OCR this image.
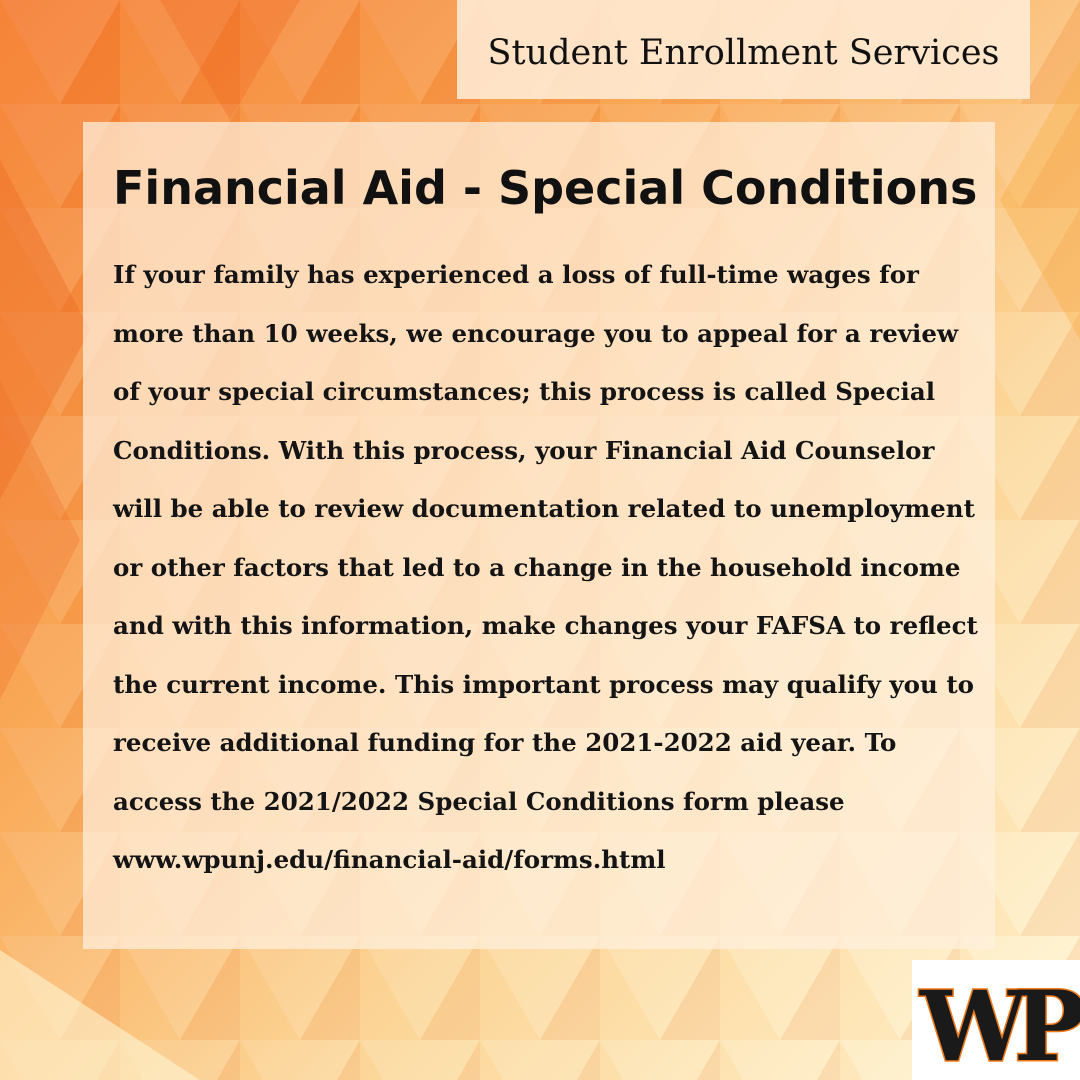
Student Enrollment Services
Financial Aid - Special Conditions
If your family has experienced a loss of full-time wages for
more than 10 weeks, we encourage you to appeal for a review
of your special circumstances; this process is called Special
Conditions. With this process, your Financial Aid Counselor
will be able to review documentation related to unemployment
or other factors that led to a change in the household income
and with this information, make changes your FAFSA to reflect
the current income. This important process may qualify you to
receive additional funding for the 2021-2022 aid year. To
access the 2021/2022 Special Conditions form please
www.wpunj.edu/financial-aid/forms.html
WP
